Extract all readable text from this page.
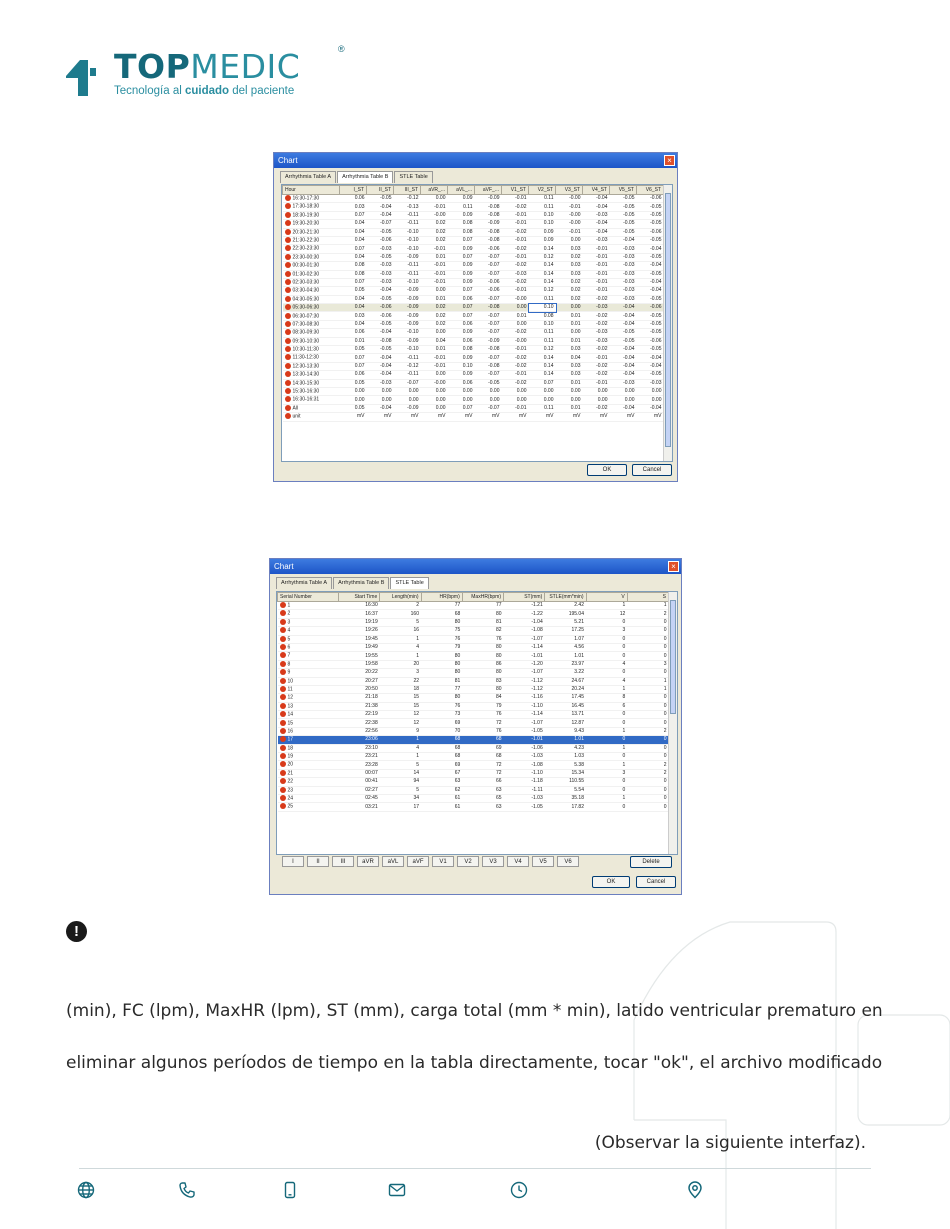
TOPMEDIC	®
Tecnología al cuidado del paciente
Chart	×
Arrhythmia Table A	Arrhythmia Table B	STLE Table
Hour	I_ST	II_ST	III_ST	aVR_...	aVL_...	aVF_...	V1_ST	V2_ST	V3_ST	V4_ST	V5_ST	V6_ST
16:30-17:30	0.06	-0.05	-0.12	0.00	0.09	-0.09	-0.01	0.11	-0.00	-0.04	-0.05	-0.06
17:30-18:30	0.03	-0.04	-0.13	-0.01	0.11	-0.08	-0.02	0.11	-0.01	-0.04	-0.05	-0.05
18:30-19:30	0.07	-0.04	-0.11	-0.00	0.09	-0.08	-0.01	0.10	-0.00	-0.03	-0.05	-0.05
19:30-20:30	0.04	-0.07	-0.11	0.02	0.08	-0.09	-0.01	0.10	-0.00	-0.04	-0.05	-0.05
20:30-21:30	0.04	-0.05	-0.10	0.02	0.08	-0.08	-0.02	0.09	-0.01	-0.04	-0.05	-0.06
21:30-22:30	0.04	-0.06	-0.10	0.02	0.07	-0.08	-0.01	0.09	0.00	-0.03	-0.04	-0.05
22:30-23:30	0.07	-0.03	-0.10	-0.01	0.09	-0.06	-0.02	0.14	0.03	-0.01	-0.03	-0.04
23:30-00:30	0.04	-0.05	-0.09	0.01	0.07	-0.07	-0.01	0.12	0.02	-0.01	-0.03	-0.05
00:30-01:30	0.08	-0.03	-0.11	-0.01	0.09	-0.07	-0.02	0.14	0.03	-0.01	-0.03	-0.04
01:30-02:30	0.08	-0.03	-0.11	-0.01	0.09	-0.07	-0.03	0.14	0.03	-0.01	-0.03	-0.05
02:30-03:30	0.07	-0.03	-0.10	-0.01	0.09	-0.06	-0.02	0.14	0.02	-0.01	-0.03	-0.04
03:30-04:30	0.05	-0.04	-0.09	0.00	0.07	-0.06	-0.01	0.12	0.02	-0.01	-0.03	-0.04
04:30-05:30	0.04	-0.05	-0.09	0.01	0.06	-0.07	-0.00	0.11	0.02	-0.02	-0.03	-0.05
05:30-06:30	0.04	-0.06	-0.09	0.02	0.07	-0.08	0.00	0.10	0.00	-0.03	-0.04	-0.06
06:30-07:30	0.03	-0.06	-0.09	0.02	0.07	-0.07	0.01	0.08	0.01	-0.02	-0.04	-0.05
07:30-08:30	0.04	-0.05	-0.09	0.02	0.06	-0.07	0.00	0.10	0.01	-0.02	-0.04	-0.05
08:30-09:30	0.06	-0.04	-0.10	0.00	0.09	-0.07	-0.02	0.11	0.00	-0.03	-0.05	-0.05
09:30-10:30	0.01	-0.08	-0.09	0.04	0.06	-0.09	-0.00	0.11	0.01	-0.03	-0.05	-0.06
10:30-11:30	0.05	-0.05	-0.10	0.01	0.08	-0.08	-0.01	0.12	0.03	-0.02	-0.04	-0.05
11:30-12:30	0.07	-0.04	-0.11	-0.01	0.09	-0.07	-0.02	0.14	0.04	-0.01	-0.04	-0.04
12:30-13:30	0.07	-0.04	-0.12	-0.01	0.10	-0.08	-0.02	0.14	0.03	-0.02	-0.04	-0.04
13:30-14:30	0.06	-0.04	-0.11	0.00	0.09	-0.07	-0.01	0.14	0.03	-0.02	-0.04	-0.05
14:30-15:30	0.05	-0.03	-0.07	-0.00	0.06	-0.05	-0.02	0.07	0.01	-0.01	-0.03	-0.03
15:30-16:30	0.00	0.00	0.00	0.00	0.00	0.00	0.00	0.00	0.00	0.00	0.00	0.00
16:30-16:31	0.00	0.00	0.00	0.00	0.00	0.00	0.00	0.00	0.00	0.00	0.00	0.00
All	0.05	-0.04	-0.09	0.00	0.07	-0.07	-0.01	0.11	0.01	-0.02	-0.04	-0.04
unit	mV	mV	mV	mV	mV	mV	mV	mV	mV	mV	mV	mV
OK	Cancel
Chart	×
Arrhythmia Table A	Arrhythmia Table B	STLE Table
Serial Number	Start Time	Length(min)	HR(bpm)	MaxHR(bpm)	ST(mm)	STLE(mm*min)	V	S
1	16:30	2	77	77	-1.21	2.42	1	1
2	16:37	160	68	80	-1.22	195.04	12	2
3	19:19	5	80	81	-1.04	5.21	0	0
4	19:26	16	75	82	-1.08	17.25	3	0
5	19:45	1	76	76	-1.07	1.07	0	0
6	19:49	4	79	80	-1.14	4.56	0	0
7	19:55	1	80	80	-1.01	1.01	0	0
8	19:58	20	80	86	-1.20	23.97	4	3
9	20:22	3	80	80	-1.07	3.22	0	0
10	20:27	22	81	83	-1.12	24.67	4	1
11	20:50	18	77	80	-1.12	20.24	1	1
12	21:18	15	80	84	-1.16	17.45	8	0
13	21:38	15	76	79	-1.10	16.45	6	0
14	22:19	12	73	76	-1.14	13.71	0	0
15	22:38	12	69	72	-1.07	12.87	0	0
16	22:56	9	70	76	-1.05	9.43	1	2
17	23:06	1	68	68	-1.01	1.01	0	0
18	23:10	4	68	69	-1.06	4.23	1	0
19	23:21	1	68	68	-1.03	1.03	0	0
20	23:28	5	69	72	-1.08	5.38	1	2
21	00:07	14	67	72	-1.10	15.34	3	2
22	00:41	94	63	66	-1.18	110.55	0	0
23	02:27	5	62	63	-1.11	5.54	0	0
24	02:45	34	61	65	-1.03	35.18	1	0
25	03:21	17	61	63	-1.05	17.82	0	0
I	II	III	aVR	aVL	aVF	V1	V2	V3	V4	V5	V6	Delete
OK	Cancel
!
(min), FC (lpm), MaxHR (lpm), ST (mm), carga total (mm * min), latido ventricular prematuro en
eliminar algunos períodos de tiempo en la tabla directamente, tocar "ok", el archivo modificado
(Observar la siguiente interfaz).
